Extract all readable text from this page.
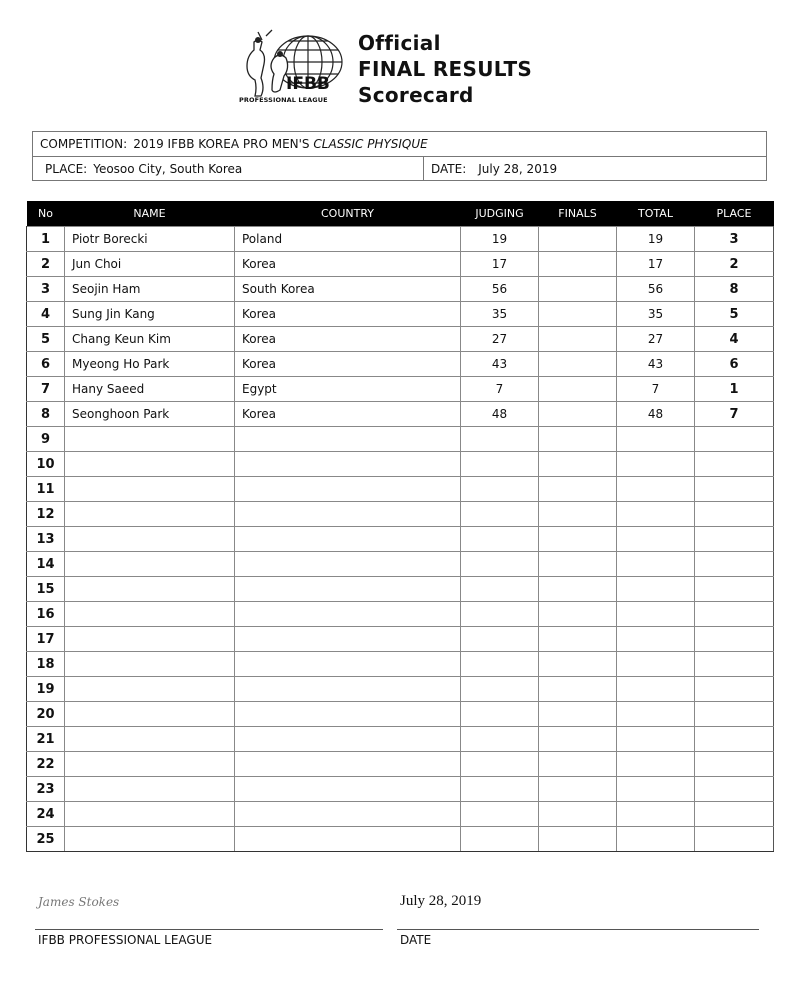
IFBB
PROFESSIONAL LEAGUE
Official
FINAL RESULTS
Scorecard
COMPETITION: 2019 IFBB KOREA PRO MEN'S CLASSIC PHYSIQUE
PLACE: Yeosoo City, South Korea	DATE: July 28, 2019
No	NAME	COUNTRY	JUDGING	FINALS	TOTAL	PLACE
1	Piotr Borecki	Poland	19		19	3
2	Jun Choi	Korea	17		17	2
3	Seojin Ham	South Korea	56		56	8
4	Sung Jin Kang	Korea	35		35	5
5	Chang Keun Kim	Korea	27		27	4
6	Myeong Ho Park	Korea	43		43	6
7	Hany Saeed	Egypt	7		7	1
8	Seonghoon Park	Korea	48		48	7
9						
10						
11						
12						
13						
14						
15						
16						
17						
18						
19						
20						
21						
22						
23						
24						
25						
James Stokes	July 28, 2019
IFBB PROFESSIONAL LEAGUE	DATE
